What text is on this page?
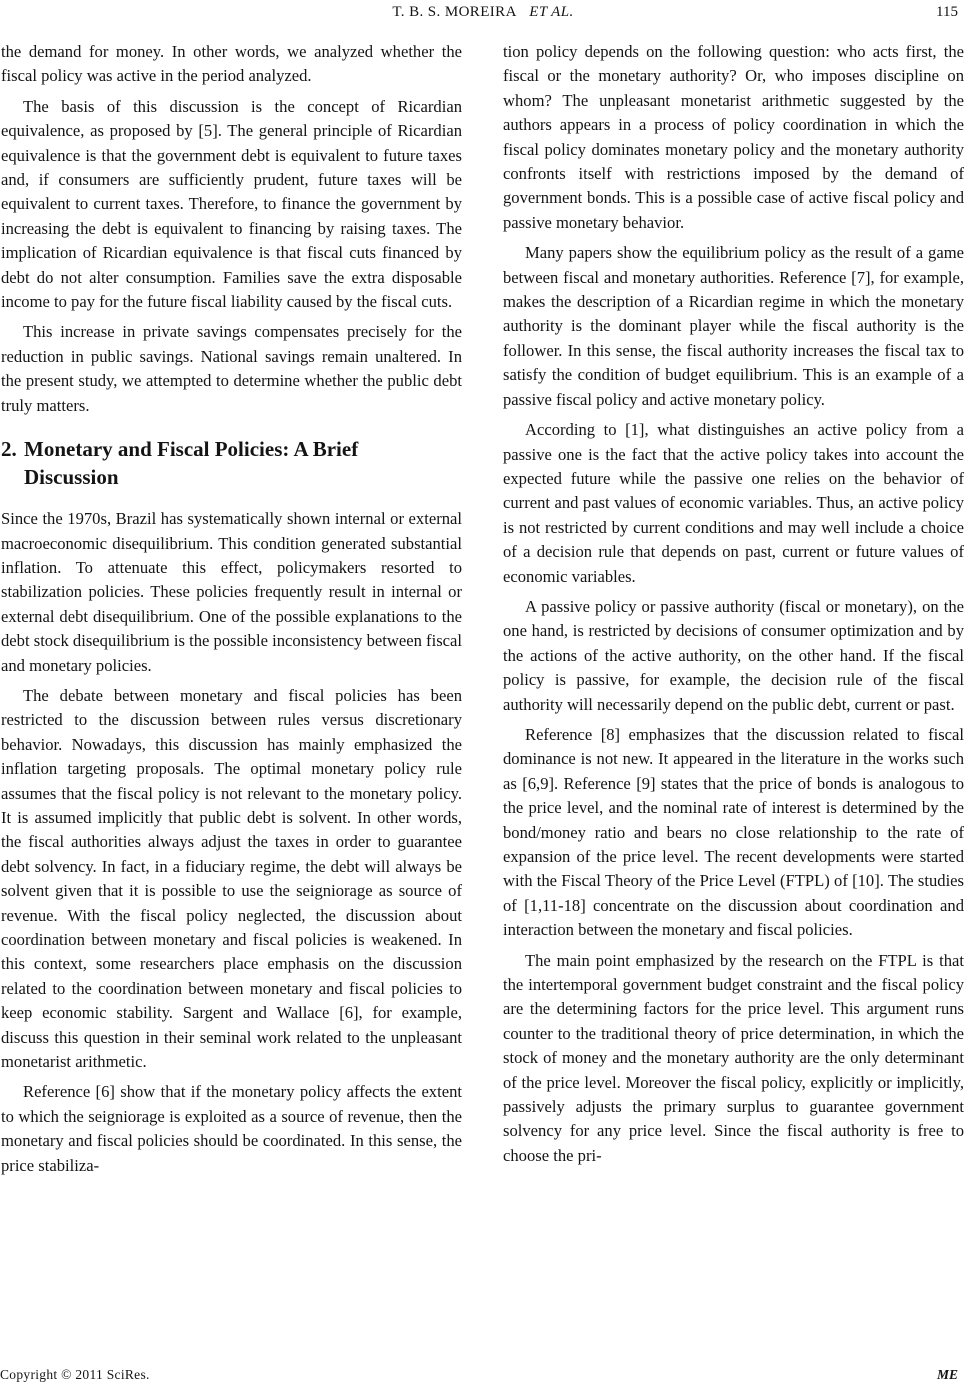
T. B. S. MOREIRA ET AL.	115

the demand for money. In other words, we analyzed whether the fiscal policy was active in the period analyzed.

The basis of this discussion is the concept of Ricardian equivalence, as proposed by [5]. The general principle of Ricardian equivalence is that the government debt is equivalent to future taxes and, if consumers are sufficiently prudent, future taxes will be equivalent to current taxes. Therefore, to finance the government by increasing the debt is equivalent to financing by raising taxes. The implication of Ricardian equivalence is that fiscal cuts financed by debt do not alter consumption. Families save the extra disposable income to pay for the future fiscal liability caused by the fiscal cuts.

This increase in private savings compensates precisely for the reduction in public savings. National savings remain unaltered. In the present study, we attempted to determine whether the public debt truly matters.

2. Monetary and Fiscal Policies: A Brief
Discussion

Since the 1970s, Brazil has systematically shown internal or external macroeconomic disequilibrium. This condition generated substantial inflation. To attenuate this effect, policymakers resorted to stabilization policies. These policies frequently result in internal or external debt disequilibrium. One of the possible explanations to the debt stock disequilibrium is the possible inconsistency between fiscal and monetary policies.

The debate between monetary and fiscal policies has been restricted to the discussion between rules versus discretionary behavior. Nowadays, this discussion has mainly emphasized the inflation targeting proposals. The optimal monetary policy rule assumes that the fiscal policy is not relevant to the monetary policy. It is assumed implicitly that public debt is solvent. In other words, the fiscal authorities always adjust the taxes in order to guarantee debt solvency. In fact, in a fiduciary regime, the debt will always be solvent given that it is possible to use the seigniorage as source of revenue. With the fiscal policy neglected, the discussion about coordination between monetary and fiscal policies is weakened. In this context, some researchers place emphasis on the discussion related to the coordination between monetary and fiscal policies to keep economic stability. Sargent and Wallace [6], for example, discuss this question in their seminal work related to the unpleasant monetarist arithmetic.

Reference [6] show that if the monetary policy affects the extent to which the seigniorage is exploited as a source of revenue, then the monetary and fiscal policies should be coordinated. In this sense, the price stabiliza-

tion policy depends on the following question: who acts first, the fiscal or the monetary authority? Or, who imposes discipline on whom? The unpleasant monetarist arithmetic suggested by the authors appears in a process of policy coordination in which the fiscal policy dominates monetary policy and the monetary authority confronts itself with restrictions imposed by the demand of government bonds. This is a possible case of active fiscal policy and passive monetary behavior.

Many papers show the equilibrium policy as the result of a game between fiscal and monetary authorities. Reference [7], for example, makes the description of a Ricardian regime in which the monetary authority is the dominant player while the fiscal authority is the follower. In this sense, the fiscal authority increases the fiscal tax to satisfy the condition of budget equilibrium. This is an example of a passive fiscal policy and active monetary policy.

According to [1], what distinguishes an active policy from a passive one is the fact that the active policy takes into account the expected future while the passive one relies on the behavior of current and past values of economic variables. Thus, an active policy is not restricted by current conditions and may well include a choice of a decision rule that depends on past, current or future values of economic variables.

A passive policy or passive authority (fiscal or monetary), on the one hand, is restricted by decisions of consumer optimization and by the actions of the active authority, on the other hand. If the fiscal policy is passive, for example, the decision rule of the fiscal authority will necessarily depend on the public debt, current or past.

Reference [8] emphasizes that the discussion related to fiscal dominance is not new. It appeared in the literature in the works such as [6,9]. Reference [9] states that the price of bonds is analogous to the price level, and the nominal rate of interest is determined by the bond/money ratio and bears no close relationship to the rate of expansion of the price level. The recent developments were started with the Fiscal Theory of the Price Level (FTPL) of [10]. The studies of [1,11-18] concentrate on the discussion about coordination and interaction between the monetary and fiscal policies.

The main point emphasized by the research on the FTPL is that the intertemporal government budget constraint and the fiscal policy are the determining factors for the price level. This argument runs counter to the traditional theory of price determination, in which the stock of money and the monetary authority are the only determinant of the price level. Moreover the fiscal policy, explicitly or implicitly, passively adjusts the primary surplus to guarantee government solvency for any price level. Since the fiscal authority is free to choose the pri-

Copyright © 2011 SciRes.	ME
